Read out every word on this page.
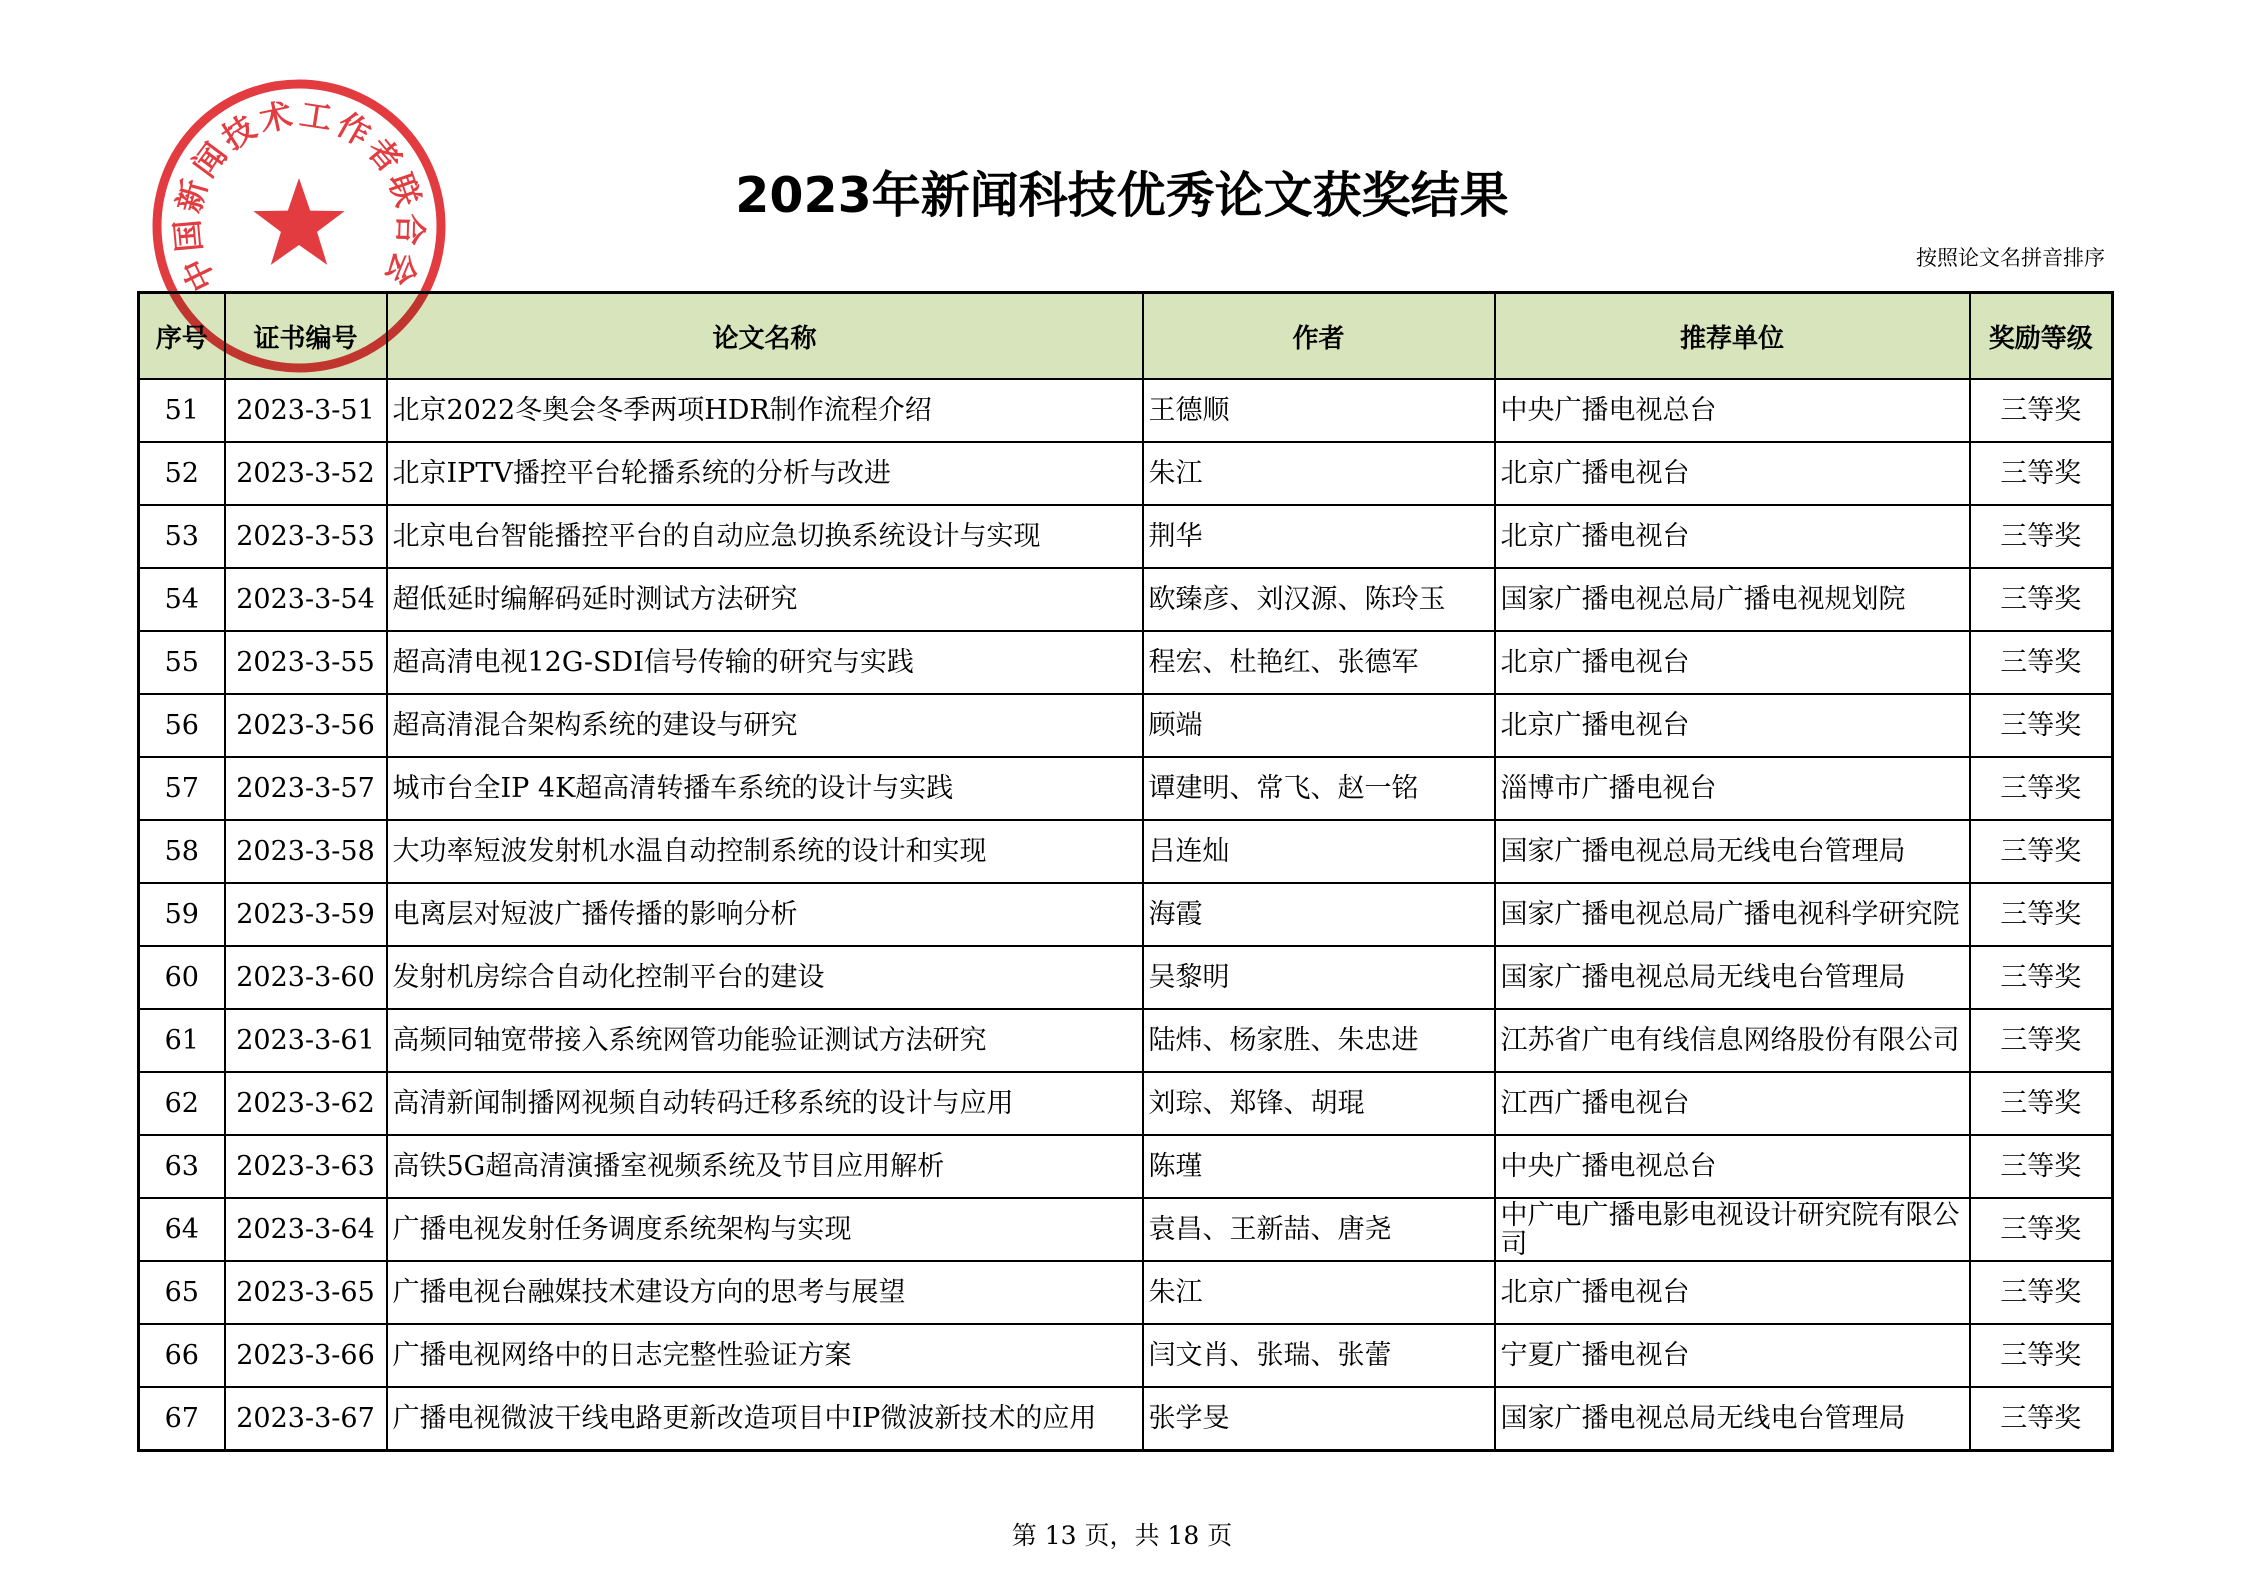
2023年新闻科技优秀论文获奖结果
按照论文名拼音排序
序号	证书编号	论文名称	作者	推荐单位	奖励等级
51	2023-3-51	北京2022冬奥会冬季两项HDR制作流程介绍	王德顺	中央广播电视总台	三等奖
52	2023-3-52	北京IPTV播控平台轮播系统的分析与改进	朱江	北京广播电视台	三等奖
53	2023-3-53	北京电台智能播控平台的自动应急切换系统设计与实现	荆华	北京广播电视台	三等奖
54	2023-3-54	超低延时编解码延时测试方法研究	欧臻彦、刘汉源、陈玲玉	国家广播电视总局广播电视规划院	三等奖
55	2023-3-55	超高清电视12G-SDI信号传输的研究与实践	程宏、杜艳红、张德军	北京广播电视台	三等奖
56	2023-3-56	超高清混合架构系统的建设与研究	顾端	北京广播电视台	三等奖
57	2023-3-57	城市台全IP 4K超高清转播车系统的设计与实践	谭建明、常飞、赵一铭	淄博市广播电视台	三等奖
58	2023-3-58	大功率短波发射机水温自动控制系统的设计和实现	吕连灿	国家广播电视总局无线电台管理局	三等奖
59	2023-3-59	电离层对短波广播传播的影响分析	海霞	国家广播电视总局广播电视科学研究院	三等奖
60	2023-3-60	发射机房综合自动化控制平台的建设	吴黎明	国家广播电视总局无线电台管理局	三等奖
61	2023-3-61	高频同轴宽带接入系统网管功能验证测试方法研究	陆炜、杨家胜、朱忠进	江苏省广电有线信息网络股份有限公司	三等奖
62	2023-3-62	高清新闻制播网视频自动转码迁移系统的设计与应用	刘琮、郑锋、胡琨	江西广播电视台	三等奖
63	2023-3-63	高铁5G超高清演播室视频系统及节目应用解析	陈瑾	中央广播电视总台	三等奖
64	2023-3-64	广播电视发射任务调度系统架构与实现	袁昌、王新喆、唐尧	中广电广播电影电视设计研究院有限公司	三等奖
65	2023-3-65	广播电视台融媒技术建设方向的思考与展望	朱江	北京广播电视台	三等奖
66	2023-3-66	广播电视网络中的日志完整性验证方案	闫文肖、张瑞、张蕾	宁夏广播电视台	三等奖
67	2023-3-67	广播电视微波干线电路更新改造项目中IP微波新技术的应用	张学旻	国家广播电视总局无线电台管理局	三等奖
中国新闻技术工作者联合会
第 13 页，共 18 页
